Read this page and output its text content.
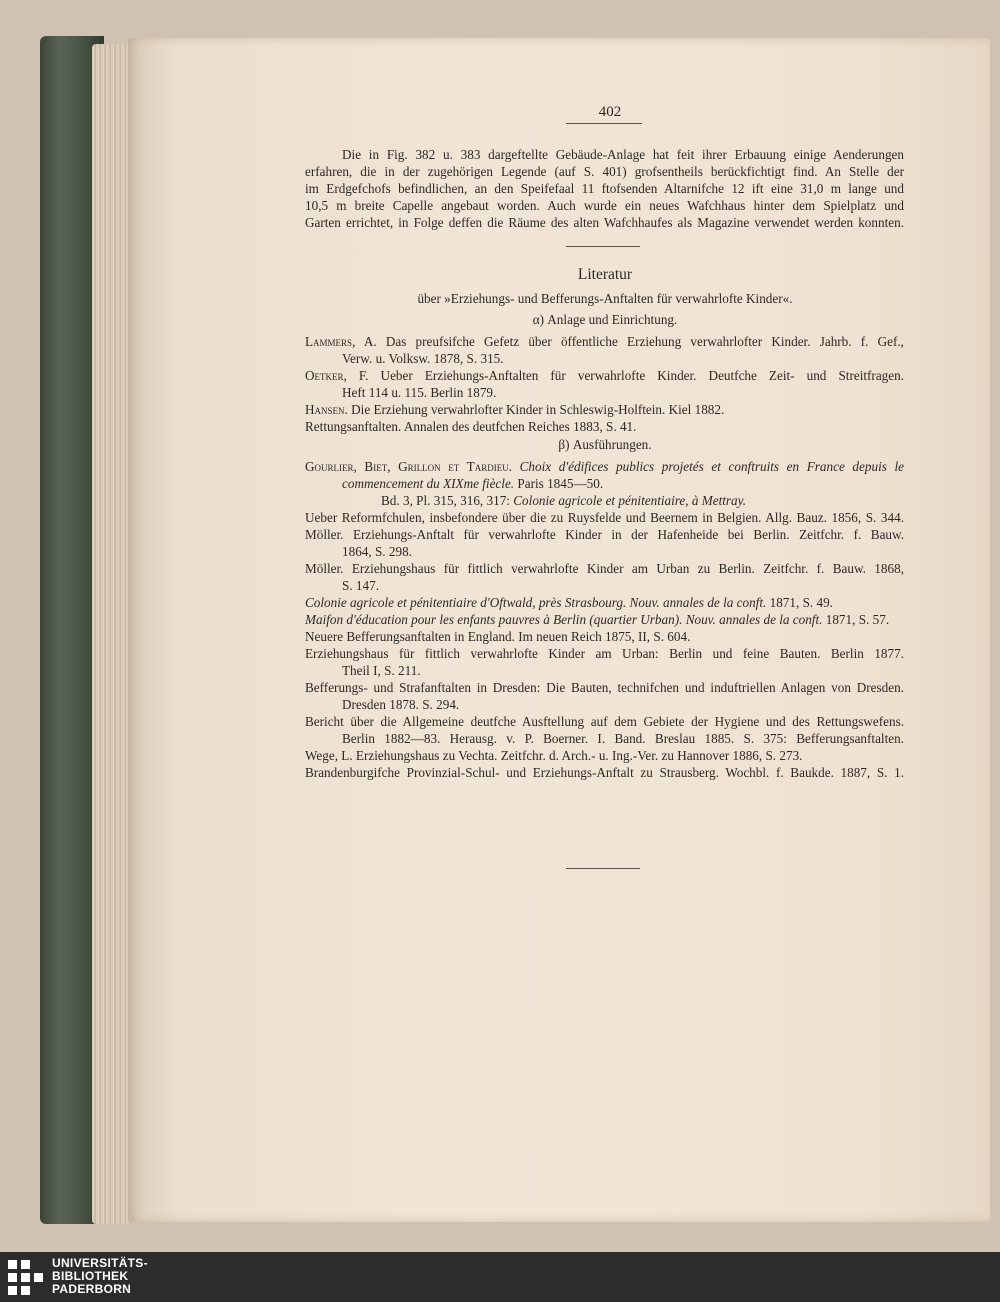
402
Die in Fig. 382 u. 383 dargeftellte Gebäude-Anlage hat feit ihrer Erbauung einige Aenderungen
erfahren, die in der zugehörigen Legende (auf S. 401) grofsentheils berückfichtigt find. An Stelle der
im Erdgefchofs befindlichen, an den Speifefaal 11 ftofsenden Altarnifche 12 ift eine 31,0 m lange und
10,5 m breite Capelle angebaut worden. Auch wurde ein neues Wafchhaus hinter dem Spielplatz und
Garten errichtet, in Folge deffen die Räume des alten Wafchhaufes als Magazine verwendet werden konnten.
Literatur
über »Erziehungs- und Befferungs-Anftalten für verwahrlofte Kinder«.
α) Anlage und Einrichtung.
Lammers, A. Das preufsifche Gefetz über öffentliche Erziehung verwahrlofter Kinder. Jahrb. f. Gef.,
Verw. u. Volksw. 1878, S. 315.
Oetker, F. Ueber Erziehungs-Anftalten für verwahrlofte Kinder. Deutfche Zeit- und Streitfragen.
Heft 114 u. 115. Berlin 1879.
Hansen. Die Erziehung verwahrlofter Kinder in Schleswig-Holftein. Kiel 1882.
Rettungsanftalten. Annalen des deutfchen Reiches 1883, S. 41.
β) Ausführungen.
Gourlier, Biet, Grillon et Tardieu. Choix d'édifices publics projetés et conftruits en France depuis le
commencement du XIXme fiècle. Paris 1845—50.
Bd. 3, Pl. 315, 316, 317: Colonie agricole et pénitentiaire, à Mettray.
Ueber Reformfchulen, insbefondere über die zu Ruysfelde und Beernem in Belgien. Allg. Bauz. 1856, S. 344.
Möller. Erziehungs-Anftalt für verwahrlofte Kinder in der Hafenheide bei Berlin. Zeitfchr. f. Bauw.
1864, S. 298.
Möller. Erziehungshaus für fittlich verwahrlofte Kinder am Urban zu Berlin. Zeitfchr. f. Bauw. 1868,
S. 147.
Colonie agricole et pénitentiaire d'Oftwald, près Strasbourg. Nouv. annales de la conft. 1871, S. 49.
Maifon d'éducation pour les enfants pauvres à Berlin (quartier Urban). Nouv. annales de la conft. 1871, S. 57.
Neuere Befferungsanftalten in England. Im neuen Reich 1875, II, S. 604.
Erziehungshaus für fittlich verwahrlofte Kinder am Urban: Berlin und feine Bauten. Berlin 1877.
Theil I, S. 211.
Befferungs- und Strafanftalten in Dresden: Die Bauten, technifchen und induftriellen Anlagen von Dresden.
Dresden 1878. S. 294.
Bericht über die Allgemeine deutfche Ausftellung auf dem Gebiete der Hygiene und des Rettungswefens.
Berlin 1882—83. Herausg. v. P. Boerner. I. Band. Breslau 1885. S. 375: Befferungsanftalten.
Wege, L. Erziehungshaus zu Vechta. Zeitfchr. d. Arch.- u. Ing.-Ver. zu Hannover 1886, S. 273.
Brandenburgifche Provinzial-Schul- und Erziehungs-Anftalt zu Strausberg. Wochbl. f. Baukde. 1887, S. 1.
UNIVERSITÄTS-
BIBLIOTHEK
PADERBORN
